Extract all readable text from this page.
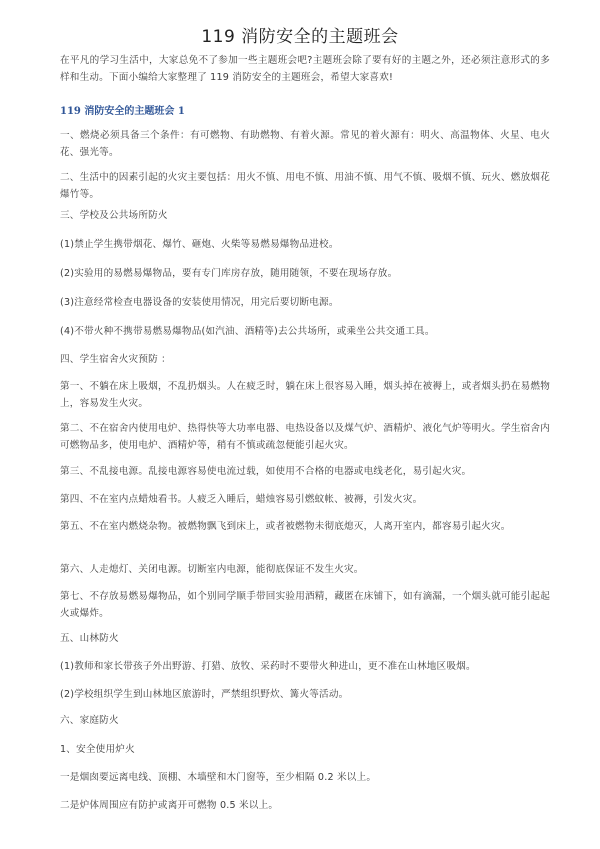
119 消防安全的主题班会
在平凡的学习生活中，大家总免不了参加一些主题班会吧?主题班会除了要有好的主题之外，还必须注意形式的多样和生动。下面小编给大家整理了 119 消防安全的主题班会，希望大家喜欢!
119 消防安全的主题班会 1
一、燃烧必须具备三个条件：有可燃物、有助燃物、有着火源。常见的着火源有：明火、高温物体、火星、电火花、强光等。
二、生活中的因素引起的火灾主要包括：用火不慎、用电不慎、用油不慎、用气不慎、吸烟不慎、玩火、燃放烟花爆竹等。
三、学校及公共场所防火
(1)禁止学生携带烟花、爆竹、砸炮、火柴等易燃易爆物品进校。
(2)实验用的易燃易爆物品，要有专门库房存放，随用随领，不要在现场存放。
(3)注意经常检查电器设备的安装使用情况，用完后要切断电源。
(4)不带火种不携带易燃易爆物品(如汽油、酒精等)去公共场所，或乘坐公共交通工具。
四、学生宿舍火灾预防 ：
第一、不躺在床上吸烟，不乱扔烟头。人在疲乏时，躺在床上很容易入睡，烟头掉在被褥上，或者烟头扔在易燃物上，容易发生火灾。
第二、不在宿舍内使用电炉、热得快等大功率电器、电热设备以及煤气炉、酒精炉、液化气炉等明火。学生宿舍内可燃物品多，使用电炉、酒精炉等，稍有不慎或疏忽便能引起火灾。
第三、不乱接电源。乱接电源容易使电流过载，如使用不合格的电器或电线老化，易引起火灾。
第四、不在室内点蜡烛看书。人疲乏入睡后，蜡烛容易引燃蚊帐、被褥，引发火灾。
第五、不在室内燃烧杂物。被燃物飘飞到床上，或者被燃物未彻底熄灭，人离开室内，都容易引起火灾。
第六、人走熄灯、关闭电源。切断室内电源，能彻底保证不发生火灾。
第七、不存放易燃易爆物品，如个别同学顺手带回实验用酒精，藏匿在床铺下，如有滴漏，一个烟头就可能引起起火或爆炸。
五、山林防火
(1)教师和家长带孩子外出野游、打猎、放牧、采药时不要带火种进山，更不准在山林地区吸烟。
(2)学校组织学生到山林地区旅游时，严禁组织野炊、篝火等活动。
六、家庭防火
1、安全使用炉火
一是烟囱要远离电线、顶棚、木墙壁和木门窗等，至少相隔 0.2 米以上。
二是炉体周围应有防护或离开可燃物 0.5 米以上。
